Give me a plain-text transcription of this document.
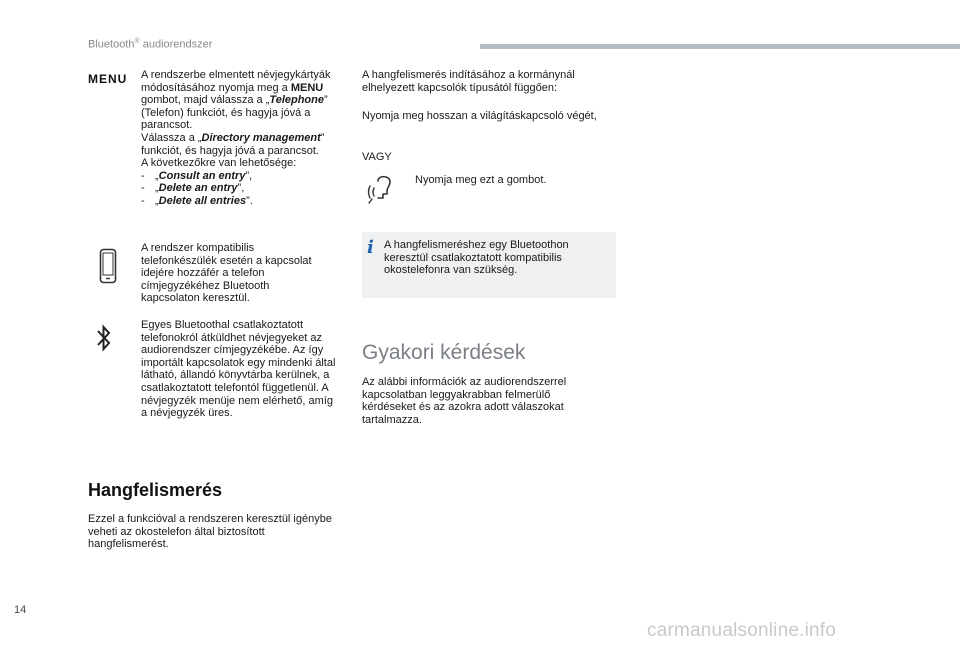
Bluetooth® audiorendszer
MENU A rendszerbe elmentett névjegykártyák módosításához nyomja meg a MENU gombot, majd válassza a „Telephone” (Telefon) funkciót, és hagyja jóvá a parancsot.
Válassza a „Directory management” funkciót, és hagyja jóvá a parancsot.
A következőkre van lehetősége:
- „Consult an entry”,
- „Delete an entry”,
- „Delete all entries”.
A rendszer kompatibilis telefonkészülék esetén a kapcsolat idejére hozzáfér a telefon címjegyzékéhez Bluetooth kapcsolaton keresztül.
Egyes Bluetoothal csatlakoztatott telefonokról átküldhet névjegyeket az audiorendszer címjegyzékébe. Az így importált kapcsolatok egy mindenki által látható, állandó könyvtárba kerülnek, a csatlakoztatott telefontól függetlenül. A névjegyzék menüje nem elérhető, amíg a névjegyzék üres.
Hangfelismerés
Ezzel a funkcióval a rendszeren keresztül igénybe veheti az okostelefon által biztosított hangfelismerést.
A hangfelismerés indításához a kormánynál elhelyezett kapcsolók típusától függően:
Nyomja meg hosszan a világításkapcsoló végét,
VAGY
Nyomja meg ezt a gombot.
i A hangfelismeréshez egy Bluetoothon keresztül csatlakoztatott kompatibilis okostelefonra van szükség.
Gyakori kérdések
Az alábbi információk az audiorendszerrel kapcsolatban leggyakrabban felmerülő kérdéseket és az azokra adott válaszokat tartalmazza.
14
carmanualsonline.info
